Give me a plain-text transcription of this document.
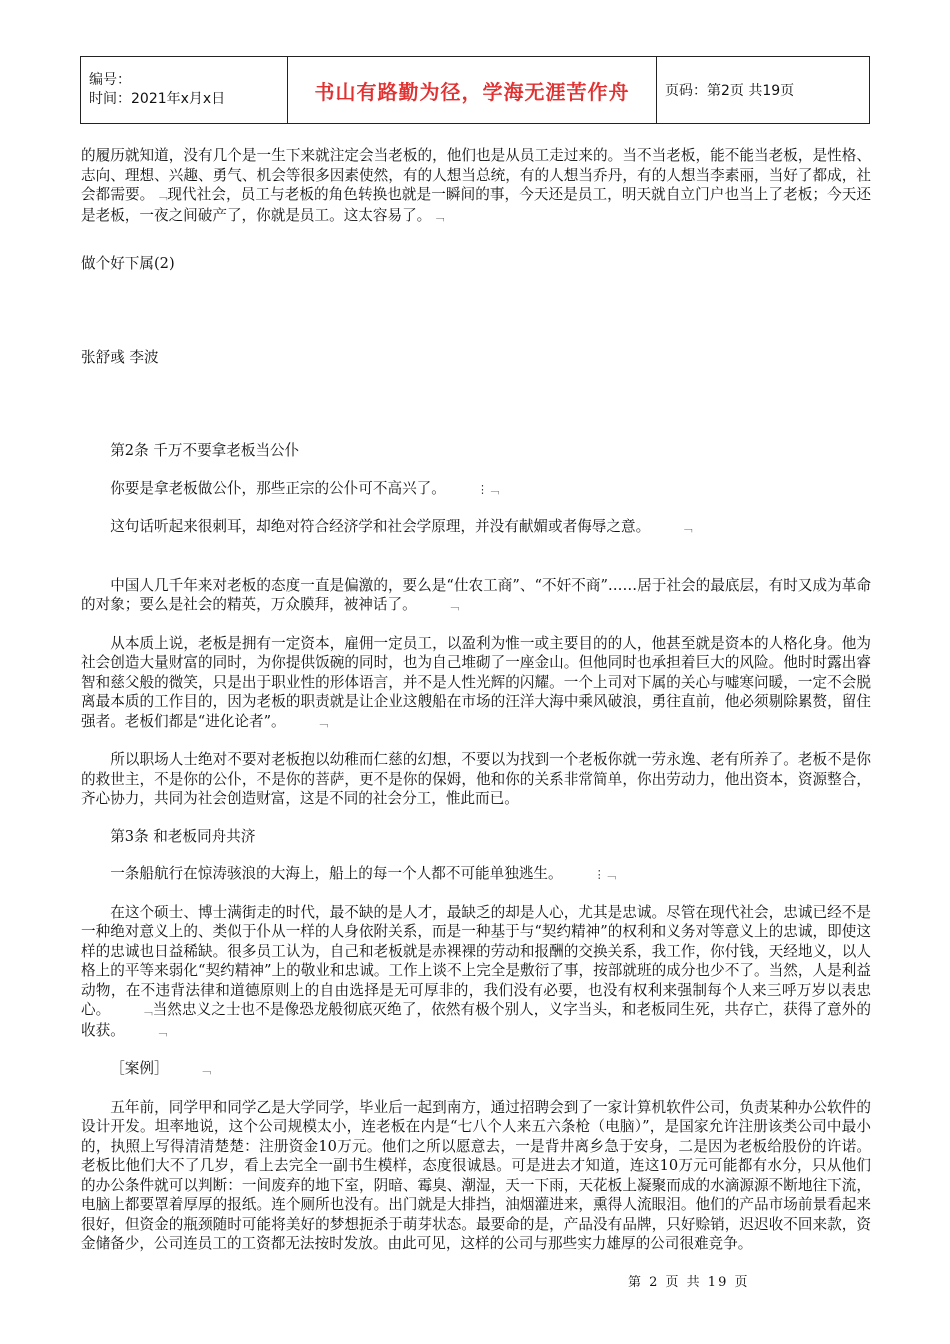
编号：
时间：2021年x月x日	书山有路勤为径，学海无涯苦作舟	页码：第2页 共19页

的履历就知道，没有几个是一生下来就注定会当老板的，他们也是从员工走过来的。当不当老板，能不能当老板，是性格、志向、理想、兴趣、勇气、机会等很多因素使然，有的人想当总统，有的人想当乔丹，有的人想当李素丽，当好了都成，社会都需要。 ﹁现代社会，员工与老板的角色转换也就是一瞬间的事，今天还是员工，明天就自立门户也当上了老板；今天还是老板，一夜之间破产了，你就是员工。这太容易了。 ﹁

做个好下属(2)

张舒彧 李波

第2条 千万不要拿老板当公仆

你要是拿老板做公仆，那些正宗的公仆可不高兴了。	⋮﹁

这句话听起来很刺耳，却绝对符合经济学和社会学原理，并没有献媚或者侮辱之意。	﹁

中国人几千年来对老板的态度一直是偏激的，要么是“仕农工商”、“不奸不商”……居于社会的最底层，有时又成为革命的对象；要么是社会的精英，万众膜拜，被神话了。	﹁

从本质上说，老板是拥有一定资本，雇佣一定员工，以盈利为惟一或主要目的的人，他甚至就是资本的人格化身。他为社会创造大量财富的同时，为你提供饭碗的同时，也为自己堆砌了一座金山。但他同时也承担着巨大的风险。他时时露出睿智和慈父般的微笑，只是出于职业性的形体语言，并不是人性光辉的闪耀。一个上司对下属的关心与嘘寒问暖，一定不会脱离最本质的工作目的，因为老板的职责就是让企业这艘船在市场的汪洋大海中乘风破浪，勇往直前，他必须剔除累赘，留住强者。老板们都是“进化论者”。	﹁

所以职场人士绝对不要对老板抱以幼稚而仁慈的幻想，不要以为找到一个老板你就一劳永逸、老有所养了。老板不是你的救世主，不是你的公仆，不是你的菩萨，更不是你的保姆，他和你的关系非常简单，你出劳动力，他出资本，资源整合，齐心协力，共同为社会创造财富，这是不同的社会分工，惟此而已。

第3条 和老板同舟共济

一条船航行在惊涛骇浪的大海上，船上的每一个人都不可能单独逃生。	⋮﹁

在这个硕士、博士满街走的时代，最不缺的是人才，最缺乏的却是人心，尤其是忠诚。尽管在现代社会，忠诚已经不是一种绝对意义上的、类似于仆从一样的人身依附关系，而是一种基于与“契约精神”的权利和义务对等意义上的忠诚，即使这样的忠诚也日益稀缺。很多员工认为，自己和老板就是赤裸裸的劳动和报酬的交换关系，我工作，你付钱，天经地义，以人格上的平等来弱化“契约精神”上的敬业和忠诚。工作上谈不上完全是敷衍了事，按部就班的成分也少不了。当然，人是利益动物，在不违背法律和道德原则上的自由选择是无可厚非的，我们没有必要，也没有权利来强制每个人来三呼万岁以表忠心。	﹁当然忠义之士也不是像恐龙般彻底灭绝了，依然有极个别人，义字当头，和老板同生死，共存亡，获得了意外的收获。	﹁

［案例］	﹁

五年前，同学甲和同学乙是大学同学，毕业后一起到南方，通过招聘会到了一家计算机软件公司，负责某种办公软件的设计开发。坦率地说，这个公司规模太小，连老板在内是“七八个人来五六条枪（电脑）”，是国家允许注册该类公司中最小的，执照上写得清清楚楚：注册资金10万元。他们之所以愿意去，一是背井离乡急于安身，二是因为老板给股份的许诺。老板比他们大不了几岁，看上去完全一副书生模样，态度很诚恳。可是进去才知道，连这10万元可能都有水分，只从他们的办公条件就可以判断：一间废弃的地下室，阴暗、霉臭、潮湿，天一下雨，天花板上凝聚而成的水滴源源不断地往下流，电脑上都要罩着厚厚的报纸。连个厕所也没有。出门就是大排挡，油烟灌进来，熏得人流眼泪。他们的产品市场前景看起来很好，但资金的瓶颈随时可能将美好的梦想扼杀于萌芽状态。最要命的是，产品没有品牌，只好赊销，迟迟收不回来款，资金储备少，公司连员工的工资都无法按时发放。由此可见，这样的公司与那些实力雄厚的公司很难竞争。

第 2 页 共 19 页
